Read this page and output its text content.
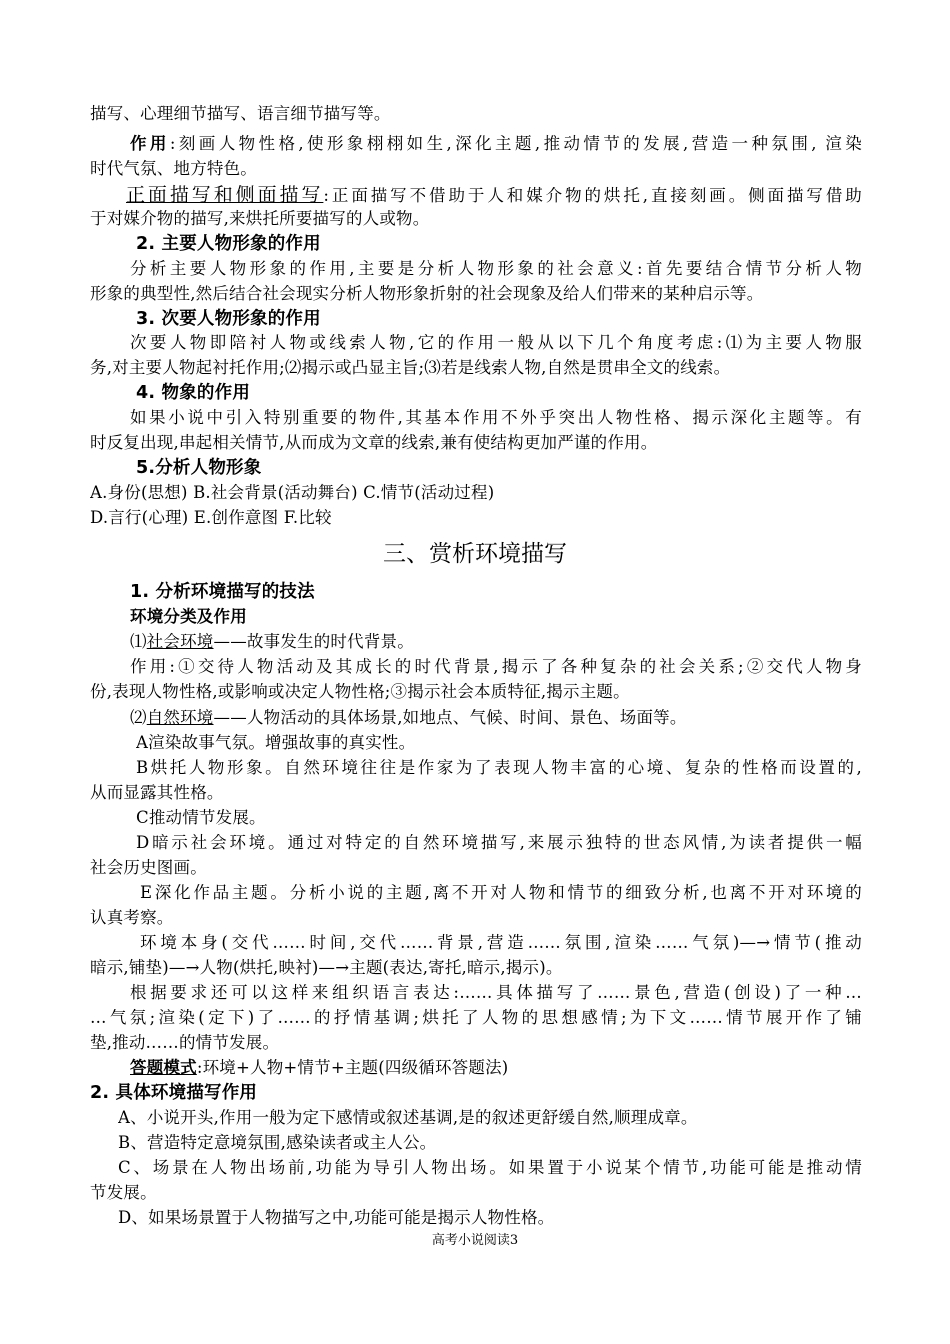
描写、心理细节描写、语言细节描写等。
作用:刻画人物性格,使形象栩栩如生,深化主题,推动情节的发展,营造一种氛围, 渲染
时代气氛、地方特色。
正面描写和侧面描写:正面描写不借助于人和媒介物的烘托,直接刻画。侧面描写借助
于对媒介物的描写,来烘托所要描写的人或物。
2. 主要人物形象的作用
分析主要人物形象的作用,主要是分析人物形象的社会意义:首先要结合情节分析人物
形象的典型性,然后结合社会现实分析人物形象折射的社会现象及给人们带来的某种启示等。
3. 次要人物形象的作用
次要人物即陪衬人物或线索人物,它的作用一般从以下几个角度考虑:⑴为主要人物服
务,对主要人物起衬托作用;⑵揭示或凸显主旨;⑶若是线索人物,自然是贯串全文的线索。
4. 物象的作用
如果小说中引入特别重要的物件,其基本作用不外乎突出人物性格、揭示深化主题等。有
时反复出现,串起相关情节,从而成为文章的线索,兼有使结构更加严谨的作用。
5.分析人物形象
A.身份(思想) B.社会背景(活动舞台) C.情节(活动过程)
D.言行(心理) E.创作意图 F.比较
三、赏析环境描写
1. 分析环境描写的技法
环境分类及作用
⑴社会环境——故事发生的时代背景。
作用:①交待人物活动及其成长的时代背景,揭示了各种复杂的社会关系;②交代人物身
份,表现人物性格,或影响或决定人物性格;③揭示社会本质特征,揭示主题。
⑵自然环境——人物活动的具体场景,如地点、气候、时间、景色、场面等。
A渲染故事气氛。增强故事的真实性。
B烘托人物形象。自然环境往往是作家为了表现人物丰富的心境、复杂的性格而设置的,
从而显露其性格。
C推动情节发展。
D暗示社会环境。通过对特定的自然环境描写,来展示独特的世态风情,为读者提供一幅
社会历史图画。
E深化作品主题。分析小说的主题,离不开对人物和情节的细致分析,也离不开对环境的
认真考察。
环境本身(交代……时间,交代……背景,营造……氛围,渲染……气氛)—→情节(推动
暗示,铺垫)—→人物(烘托,映衬)—→主题(表达,寄托,暗示,揭示)。
根据要求还可以这样来组织语言表达:……具体描写了……景色,营造(创设)了一种…
…气氛;渲染(定下)了……的抒情基调;烘托了人物的思想感情;为下文……情节展开作了铺
垫,推动……的情节发展。
答题模式:环境+人物+情节+主题(四级循环答题法)
2. 具体环境描写作用
A、小说开头,作用一般为定下感情或叙述基调,是的叙述更舒缓自然,顺理成章。
B、营造特定意境氛围,感染读者或主人公。
C、场景在人物出场前,功能为导引人物出场。如果置于小说某个情节,功能可能是推动情
节发展。
D、如果场景置于人物描写之中,功能可能是揭示人物性格。
高考小说阅读3
